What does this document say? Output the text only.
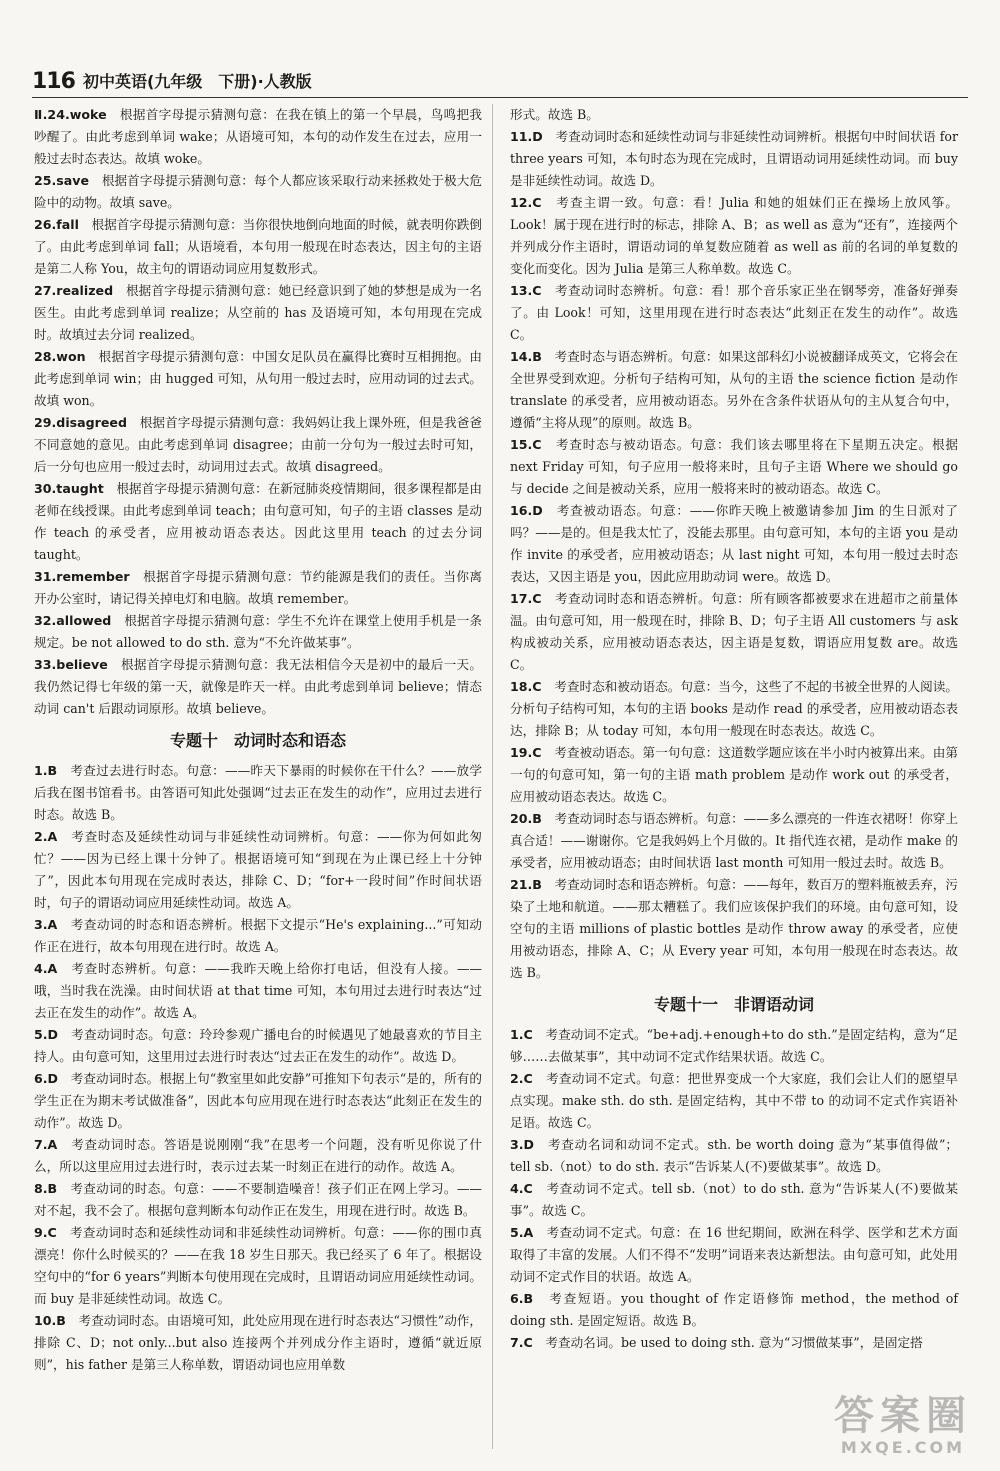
116 初中英语(九年级　下册)·人教版

Ⅱ.24.woke　根据首字母提示猜测句意：在我在镇上的第一个早晨，鸟鸣把我吵醒了。由此考虑到单词 wake；从语境可知，本句的动作发生在过去，应用一般过去时态表达。故填 woke。

25.save　根据首字母提示猜测句意：每个人都应该采取行动来拯救处于极大危险中的动物。故填 save。

26.fall　根据首字母提示猜测句意：当你很快地倒向地面的时候，就表明你跌倒了。由此考虑到单词 fall；从语境看，本句用一般现在时态表达，因主句的主语是第二人称 You，故主句的谓语动词应用复数形式。

27.realized　根据首字母提示猜测句意：她已经意识到了她的梦想是成为一名医生。由此考虑到单词 realize；从空前的 has 及语境可知，本句用现在完成时。故填过去分词 realized。

28.won　根据首字母提示猜测句意：中国女足队员在赢得比赛时互相拥抱。由此考虑到单词 win；由 hugged 可知，从句用一般过去时，应用动词的过去式。故填 won。

29.disagreed　根据首字母提示猜测句意：我妈妈让我上课外班，但是我爸爸不同意她的意见。由此考虑到单词 disagree；由前一分句为一般过去时可知，后一分句也应用一般过去时，动词用过去式。故填 disagreed。

30.taught　根据首字母提示猜测句意：在新冠肺炎疫情期间，很多课程都是由老师在线授课。由此考虑到单词 teach；由句意可知，句子的主语 classes 是动作 teach 的承受者，应用被动语态表达。因此这里用 teach 的过去分词 taught。

31.remember　根据首字母提示猜测句意：节约能源是我们的责任。当你离开办公室时，请记得关掉电灯和电脑。故填 remember。

32.allowed　根据首字母提示猜测句意：学生不允许在课堂上使用手机是一条规定。be not allowed to do sth. 意为“不允许做某事”。

33.believe　根据首字母提示猜测句意：我无法相信今天是初中的最后一天。我仍然记得七年级的第一天，就像是昨天一样。由此考虑到单词 believe；情态动词 can't 后跟动词原形。故填 believe。

专题十　动词时态和语态

1.B　考查过去进行时态。句意：——昨天下暴雨的时候你在干什么？——放学后我在图书馆看书。由答语可知此处强调“过去正在发生的动作”，应用过去进行时态。故选 B。

2.A　考查时态及延续性动词与非延续性动词辨析。句意：——你为何如此匆忙？——因为已经上课十分钟了。根据语境可知“到现在为止课已经上十分钟了”，因此本句用现在完成时表达，排除 C、D；“for+一段时间”作时间状语时，句子的谓语动词应用延续性动词。故选 A。

3.A　考查动词的时态和语态辨析。根据下文提示“He's explaining...”可知动作正在进行，故本句用现在进行时。故选 A。

4.A　考查时态辨析。句意：——我昨天晚上给你打电话，但没有人接。——哦，当时我在洗澡。由时间状语 at that time 可知，本句用过去进行时表达“过去正在发生的动作”。故选 A。

5.D　考查动词时态。句意：玲玲参观广播电台的时候遇见了她最喜欢的节目主持人。由句意可知，这里用过去进行时表达“过去正在发生的动作”。故选 D。

6.D　考查动词时态。根据上句“教室里如此安静”可推知下句表示“是的，所有的学生正在为期末考试做准备”，因此本句应用现在进行时态表达“此刻正在发生的动作”。故选 D。

7.A　考查动词时态。答语是说刚刚“我”在思考一个问题，没有听见你说了什么，所以这里应用过去进行时，表示过去某一时刻正在进行的动作。故选 A。

8.B　考查动词的时态。句意：——不要制造噪音！孩子们正在网上学习。——对不起，我不会了。根据句意判断本句动作正在发生，用现在进行时。故选 B。

9.C　考查动词时态和延续性动词和非延续性动词辨析。句意：——你的围巾真漂亮！你什么时候买的？——在我 18 岁生日那天。我已经买了 6 年了。根据设空句中的“for 6 years”判断本句使用现在完成时，且谓语动词应用延续性动词。而 buy 是非延续性动词。故选 C。

10.B　考查动词时态。由语境可知，此处应用现在进行时态表达“习惯性”动作，排除 C、D；not only...but also 连接两个并列成分作主语时，遵循“就近原则”，his father 是第三人称单数，谓语动词也应用单数

形式。故选 B。

11.D　考查动词时态和延续性动词与非延续性动词辨析。根据句中时间状语 for three years 可知，本句时态为现在完成时，且谓语动词用延续性动词。而 buy 是非延续性动词。故选 D。

12.C　考查主谓一致。句意：看！Julia 和她的姐妹们正在操场上放风筝。Look！属于现在进行时的标志，排除 A、B；as well as 意为“还有”，连接两个并列成分作主语时，谓语动词的单复数应随着 as well as 前的名词的单复数的变化而变化。因为 Julia 是第三人称单数。故选 C。

13.C　考查动词时态辨析。句意：看！那个音乐家正坐在钢琴旁，准备好弹奏了。由 Look！可知，这里用现在进行时态表达“此刻正在发生的动作”。故选 C。

14.B　考查时态与语态辨析。句意：如果这部科幻小说被翻译成英文，它将会在全世界受到欢迎。分析句子结构可知，从句的主语 the science fiction 是动作 translate 的承受者，应用被动语态。另外在含条件状语从句的主从复合句中，遵循“主将从现”的原则。故选 B。

15.C　考查时态与被动语态。句意：我们该去哪里将在下星期五决定。根据 next Friday 可知，句子应用一般将来时，且句子主语 Where we should go 与 decide 之间是被动关系，应用一般将来时的被动语态。故选 C。

16.D　考查被动语态。句意：——你昨天晚上被邀请参加 Jim 的生日派对了吗？——是的。但是我太忙了，没能去那里。由句意可知，本句的主语 you 是动作 invite 的承受者，应用被动语态；从 last night 可知，本句用一般过去时态表达，又因主语是 you，因此应用助动词 were。故选 D。

17.C　考查动词时态和语态辨析。句意：所有顾客都被要求在进超市之前量体温。由句意可知，用一般现在时，排除 B、D；句子主语 All customers 与 ask 构成被动关系，应用被动语态表达，因主语是复数，谓语应用复数 are。故选 C。

18.C　考查时态和被动语态。句意：当今，这些了不起的书被全世界的人阅读。分析句子结构可知，本句的主语 books 是动作 read 的承受者，应用被动语态表达，排除 B；从 today 可知，本句用一般现在时态表达。故选 C。

19.C　考查被动语态。第一句句意：这道数学题应该在半小时内被算出来。由第一句的句意可知，第一句的主语 math problem 是动作 work out 的承受者，应用被动语态表达。故选 C。

20.B　考查动词时态与语态辨析。句意：——多么漂亮的一件连衣裙呀！你穿上真合适！——谢谢你。它是我妈妈上个月做的。It 指代连衣裙，是动作 make 的承受者，应用被动语态；由时间状语 last month 可知用一般过去时。故选 B。

21.B　考查动词时态和语态辨析。句意：——每年，数百万的塑料瓶被丢弃，污染了土地和航道。——那太糟糕了。我们应该保护我们的环境。由句意可知，设空句的主语 millions of plastic bottles 是动作 throw away 的承受者，应使用被动语态，排除 A、C；从 Every year 可知，本句用一般现在时态表达。故选 B。

专题十一　非谓语动词

1.C　考查动词不定式。“be+adj.+enough+to do sth.”是固定结构，意为“足够……去做某事”，其中动词不定式作结果状语。故选 C。

2.C　考查动词不定式。句意：把世界变成一个大家庭，我们会让人们的愿望早点实现。make sth. do sth. 是固定结构，其中不带 to 的动词不定式作宾语补足语。故选 C。

3.D　考查动名词和动词不定式。sth. be worth doing 意为“某事值得做”；tell sb.（not）to do sth. 表示“告诉某人(不)要做某事”。故选 D。

4.C　考查动词不定式。tell sb.（not）to do sth. 意为“告诉某人(不)要做某事”。故选 C。

5.A　考查动词不定式。句意：在 16 世纪期间，欧洲在科学、医学和艺术方面取得了丰富的发展。人们不得不“发明”词语来表达新想法。由句意可知，此处用动词不定式作目的状语。故选 A。

6.B　考查短语。you thought of 作定语修饰 method，the method of doing sth. 是固定短语。故选 B。

7.C　考查动名词。be used to doing sth. 意为“习惯做某事”，是固定搭

答案圈
MXQE.COM
